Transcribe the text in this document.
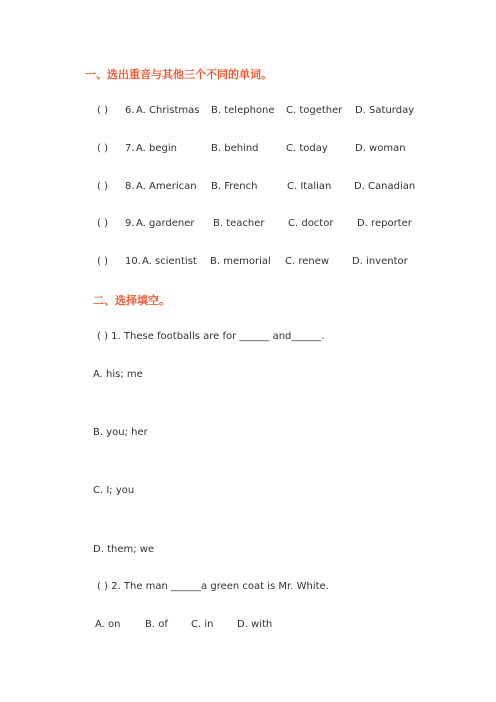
一、选出重音与其他三个不同的单词。
( ) 6. A. Christmas B. telephone C. together D. Saturday
( ) 7. A. begin	B. behind	C. today	D. woman
( ) 8. A. American B. French	C. Italian D. Canadian
( ) 9. A. gardener B. teacher C. doctor D. reporter
( ) 10. A. scientist B. memorial C. renew D. inventor
二、选择填空。
( ) 1. These footballs are for ______ and______.
A. his; me
B. you; her
C. I; you
D. them; we
( ) 2. The man ______a green coat is Mr. White.
A. on B. of C. in D. with
